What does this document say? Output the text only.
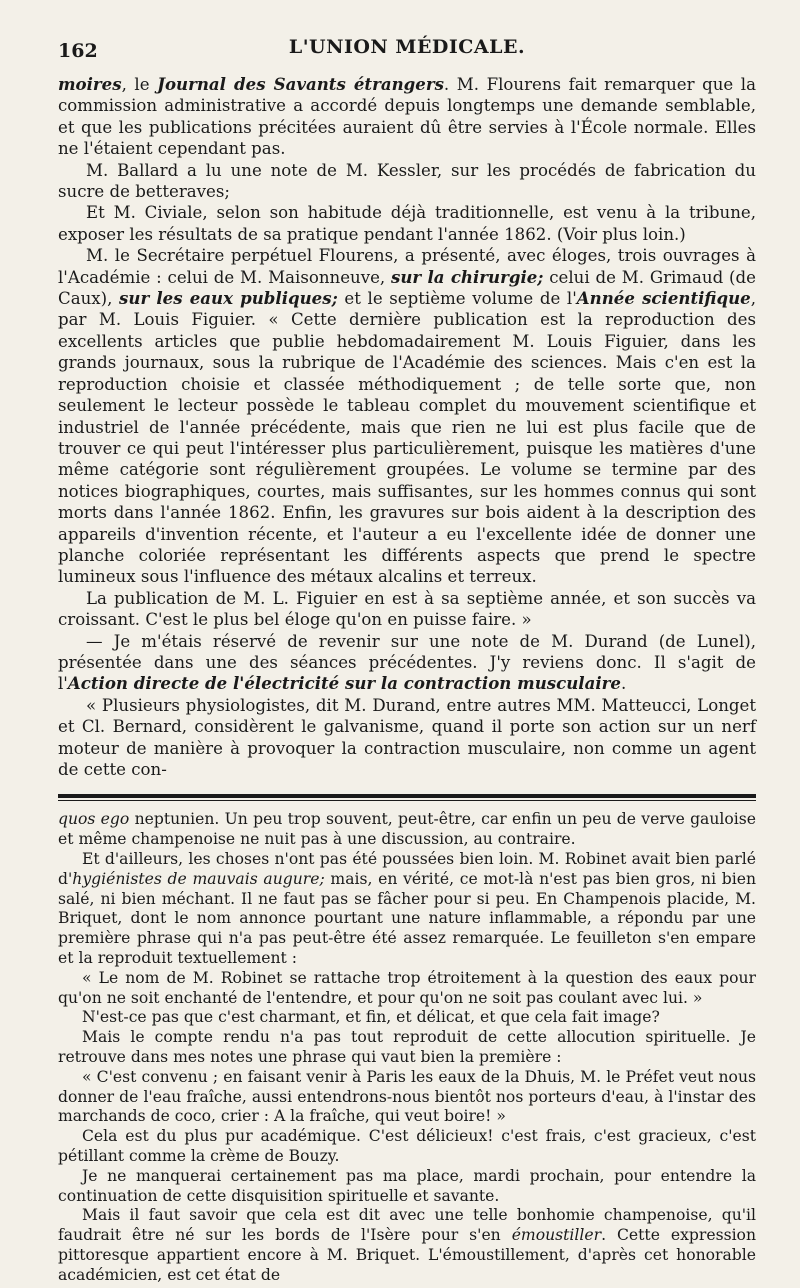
162	L'UNION MÉDICALE.

moires, le Journal des Savants étrangers. M. Flourens fait remarquer que la commission administrative a accordé depuis longtemps une demande semblable, et que les publications précitées auraient dû être servies à l'École normale. Elles ne l'étaient cependant pas.

M. Ballard a lu une note de M. Kessler, sur les procédés de fabrication du sucre de betteraves;

Et M. Civiale, selon son habitude déjà traditionnelle, est venu à la tribune, exposer les résultats de sa pratique pendant l'année 1862. (Voir plus loin.)

M. le Secrétaire perpétuel Flourens, a présenté, avec éloges, trois ouvrages à l'Académie : celui de M. Maisonneuve, sur la chirurgie; celui de M. Grimaud (de Caux), sur les eaux publiques; et le septième volume de l'Année scientifique, par M. Louis Figuier. « Cette dernière publication est la reproduction des excellents articles que publie hebdomadairement M. Louis Figuier, dans les grands journaux, sous la rubrique de l'Académie des sciences. Mais c'en est la reproduction choisie et classée méthodiquement ; de telle sorte que, non seulement le lecteur possède le tableau complet du mouvement scientifique et industriel de l'année précédente, mais que rien ne lui est plus facile que de trouver ce qui peut l'intéresser plus particulièrement, puisque les matières d'une même catégorie sont régulièrement groupées. Le volume se termine par des notices biographiques, courtes, mais suffisantes, sur les hommes connus qui sont morts dans l'année 1862. Enfin, les gravures sur bois aident à la description des appareils d'invention récente, et l'auteur a eu l'excellente idée de donner une planche coloriée représentant les différents aspects que prend le spectre lumineux sous l'influence des métaux alcalins et terreux.

La publication de M. L. Figuier en est à sa septième année, et son succès va croissant. C'est le plus bel éloge qu'on en puisse faire. »

— Je m'étais réservé de revenir sur une note de M. Durand (de Lunel), présentée dans une des séances précédentes. J'y reviens donc. Il s'agit de l'Action directe de l'électricité sur la contraction musculaire.

« Plusieurs physiologistes, dit M. Durand, entre autres MM. Matteucci, Longet et Cl. Bernard, considèrent le galvanisme, quand il porte son action sur un nerf moteur de manière à provoquer la contraction musculaire, non comme un agent de cette con-

quos ego neptunien. Un peu trop souvent, peut-être, car enfin un peu de verve gauloise et même champenoise ne nuit pas à une discussion, au contraire.

Et d'ailleurs, les choses n'ont pas été poussées bien loin. M. Robinet avait bien parlé d'hygiénistes de mauvais augure; mais, en vérité, ce mot-là n'est pas bien gros, ni bien salé, ni bien méchant. Il ne faut pas se fâcher pour si peu. En Champenois placide, M. Briquet, dont le nom annonce pourtant une nature inflammable, a répondu par une première phrase qui n'a pas peut-être été assez remarquée. Le feuilleton s'en empare et la reproduit textuellement :

« Le nom de M. Robinet se rattache trop étroitement à la question des eaux pour qu'on ne soit enchanté de l'entendre, et pour qu'on ne soit pas coulant avec lui. »

N'est-ce pas que c'est charmant, et fin, et délicat, et que cela fait image?

Mais le compte rendu n'a pas tout reproduit de cette allocution spirituelle. Je retrouve dans mes notes une phrase qui vaut bien la première :

« C'est convenu ; en faisant venir à Paris les eaux de la Dhuis, M. le Préfet veut nous donner de l'eau fraîche, aussi entendrons-nous bientôt nos porteurs d'eau, à l'instar des marchands de coco, crier : A la fraîche, qui veut boire! »

Cela est du plus pur académique. C'est délicieux! c'est frais, c'est gracieux, c'est pétillant comme la crème de Bouzy.

Je ne manquerai certainement pas ma place, mardi prochain, pour entendre la continuation de cette disquisition spirituelle et savante.

Mais il faut savoir que cela est dit avec une telle bonhomie champenoise, qu'il faudrait être né sur les bords de l'Isère pour s'en émoustiller. Cette expression pittoresque appartient encore à M. Briquet. L'émoustillement, d'après cet honorable académicien, est cet état de
